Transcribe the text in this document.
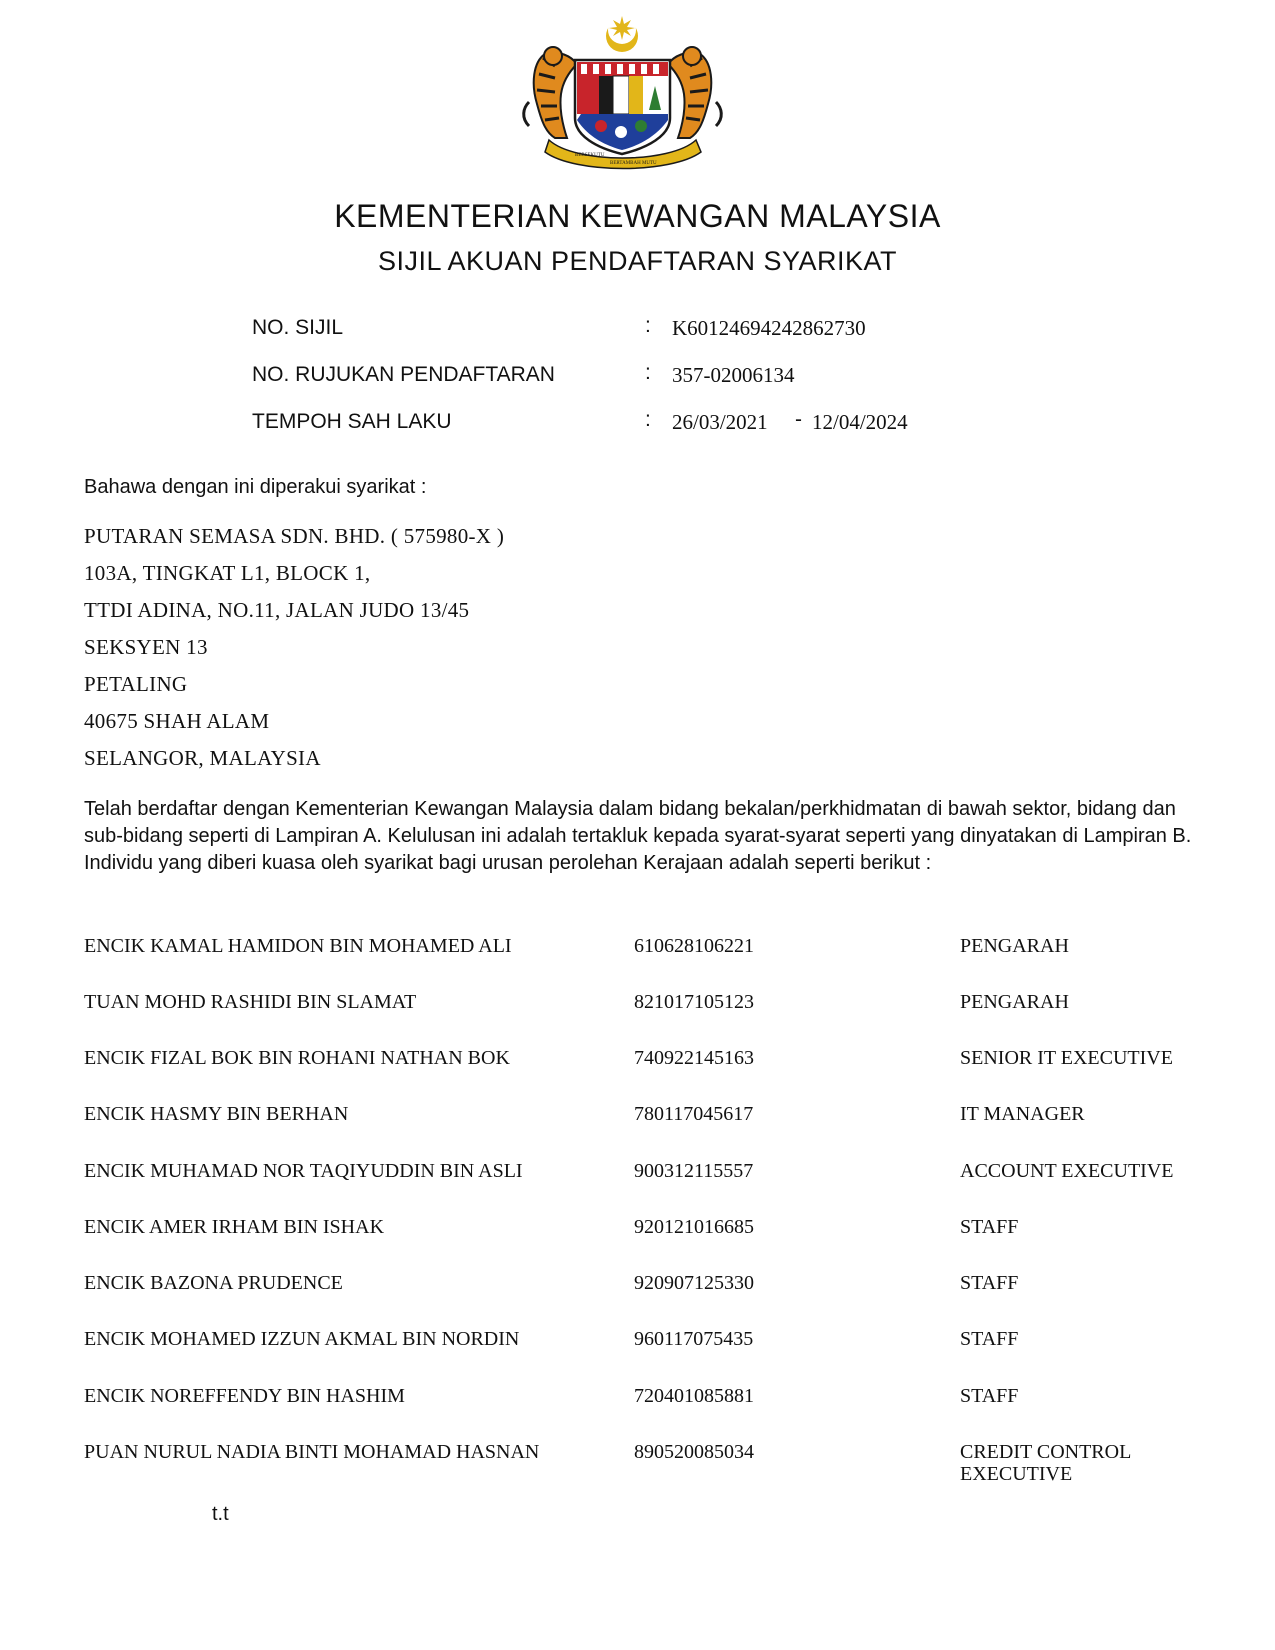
BERSEKUTU
BERTAMBAH MUTU
KEMENTERIAN KEWANGAN MALAYSIA
SIJIL AKUAN PENDAFTARAN SYARIKAT
NO. SIJIL	: K60124694242862730
NO. RUJUKAN PENDAFTARAN	: 357-02006134
TEMPOH SAH LAKU	: 26/03/2021 - 12/04/2024
Bahawa dengan ini diperakui syarikat :
PUTARAN SEMASA SDN. BHD. ( 575980-X )
103A, TINGKAT L1, BLOCK 1,
TTDI ADINA, NO.11, JALAN JUDO 13/45
SEKSYEN 13
PETALING
40675 SHAH ALAM
SELANGOR, MALAYSIA
Telah berdaftar dengan Kementerian Kewangan Malaysia dalam bidang bekalan/perkhidmatan di bawah sektor, bidang dan sub-bidang seperti di Lampiran A. Kelulusan ini adalah tertakluk kepada syarat-syarat seperti yang dinyatakan di Lampiran B. Individu yang diberi kuasa oleh syarikat bagi urusan perolehan Kerajaan adalah seperti berikut :
ENCIK KAMAL HAMIDON BIN MOHAMED ALI	610628106221	PENGARAH
TUAN MOHD RASHIDI BIN SLAMAT	821017105123	PENGARAH
ENCIK FIZAL BOK BIN ROHANI NATHAN BOK	740922145163	SENIOR IT EXECUTIVE
ENCIK HASMY BIN BERHAN	780117045617	IT MANAGER
ENCIK MUHAMAD NOR TAQIYUDDIN BIN ASLI	900312115557	ACCOUNT EXECUTIVE
ENCIK AMER IRHAM BIN ISHAK	920121016685	STAFF
ENCIK BAZONA PRUDENCE	920907125330	STAFF
ENCIK MOHAMED IZZUN AKMAL BIN NORDIN	960117075435	STAFF
ENCIK NOREFFENDY BIN HASHIM	720401085881	STAFF
PUAN NURUL NADIA BINTI MOHAMAD HASNAN	890520085034	CREDIT CONTROL EXECUTIVE
t.t
